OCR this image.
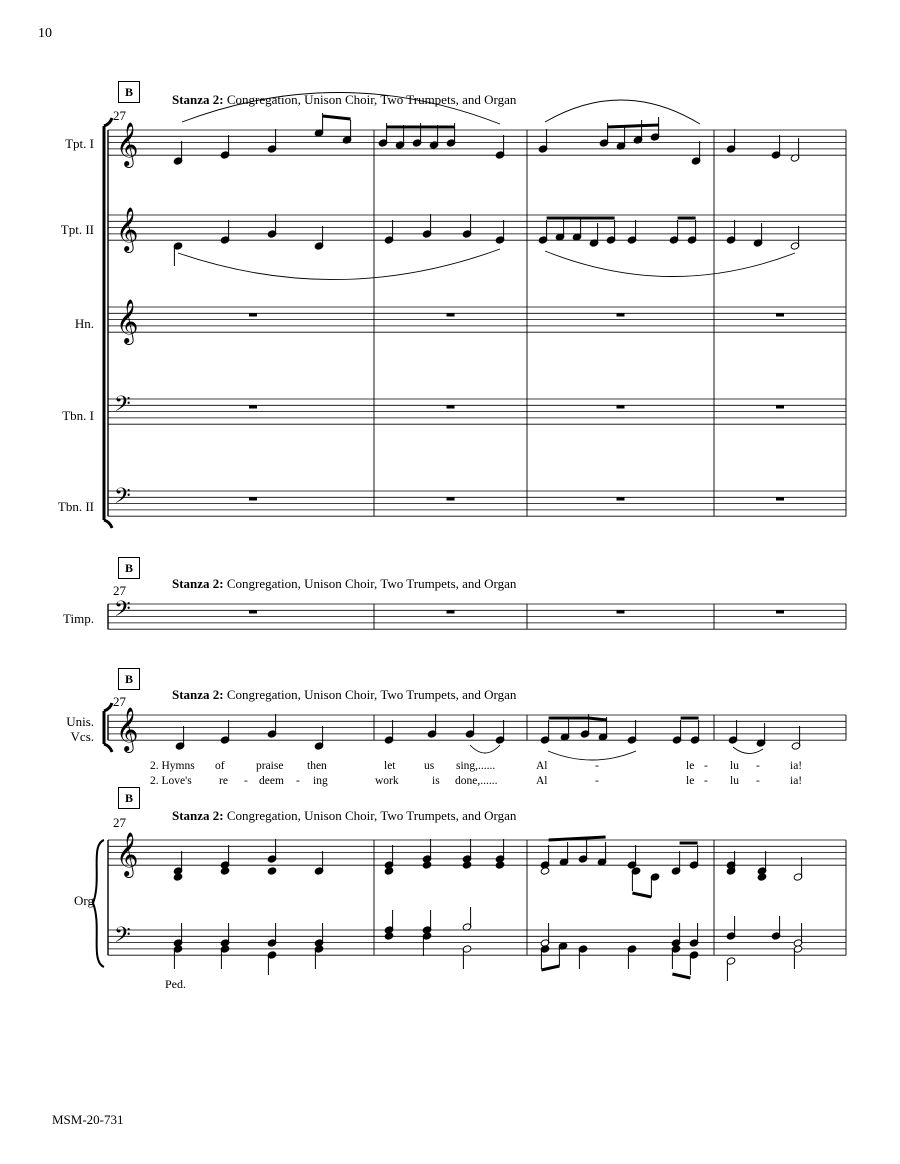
10
MSM-20-731
B
27
Stanza 2: Congregation, Unison Choir, Two Trumpets, and Organ
B
27	Stanza 2: Congregation, Unison Choir, Two Trumpets, and Organ
B
27	Stanza 2: Congregation, Unison Choir, Two Trumpets, and Organ
B
27	Stanza 2: Congregation, Unison Choir, Two Trumpets, and Organ
Tpt. I
Tpt. II
Hn.
Tbn. I
Tbn. II
Timp.
Unis.
Vcs.
Org
2. Hymns of	praise then	let us sing,......	Al	-	le - lu -	ia!
2. Love's re - deem - ing	work	is done,......	Al	-	le - lu -	ia!
Ped.
𝄞
𝄞
𝄞
𝄢
𝄢
𝄢
𝄞
𝄞
𝄢
